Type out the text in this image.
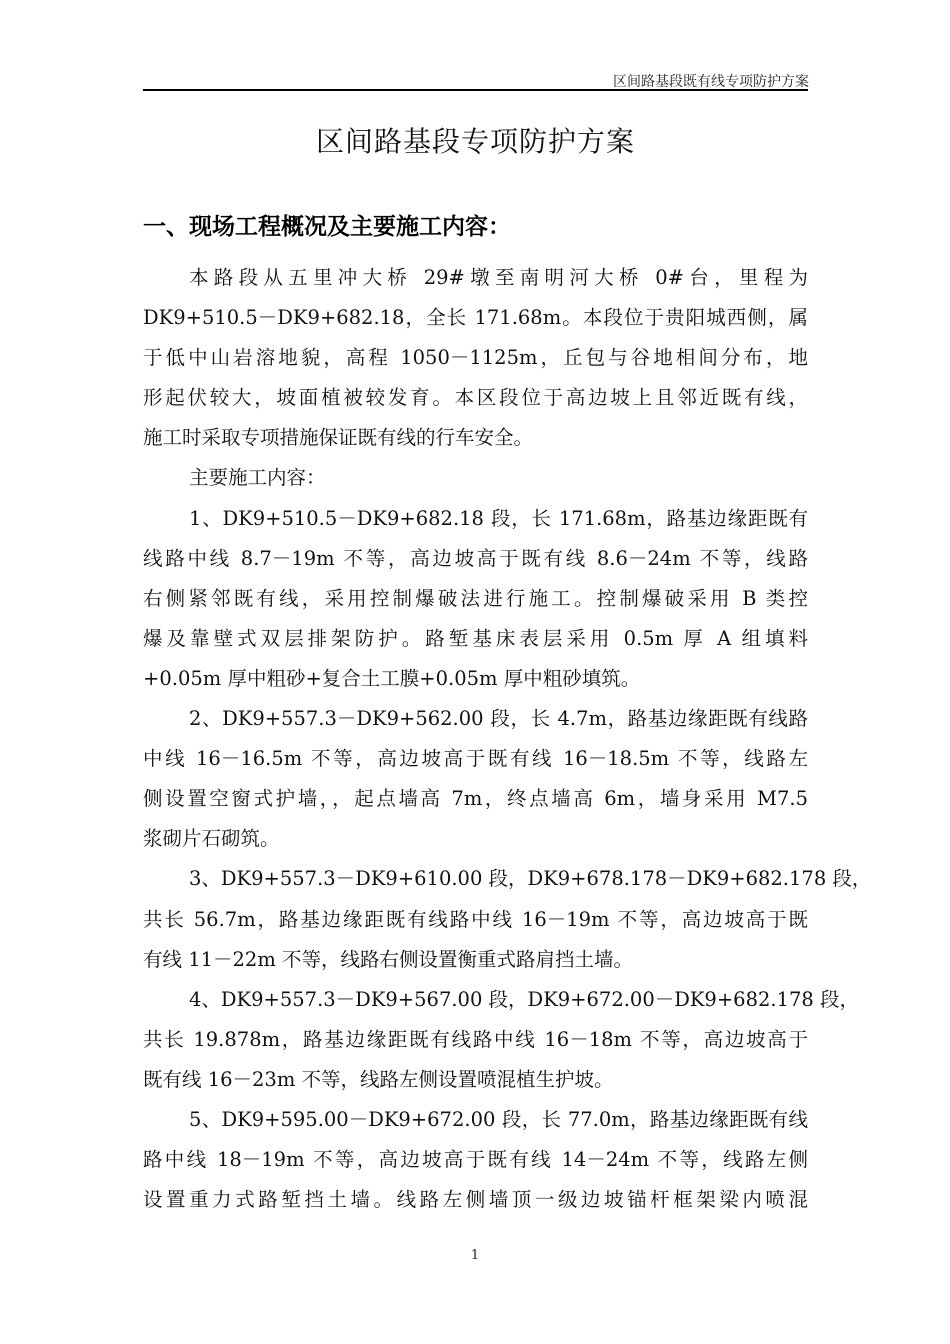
区间路基段既有线专项防护方案
区间路基段专项防护方案
一、现场工程概况及主要施工内容：
本路段从五里冲大桥 29#墩至南明河大桥 0#台，里程为
DK9+510.5－DK9+682.18，全长 171.68m。本段位于贵阳城西侧，属
于低中山岩溶地貌，高程 1050－1125m，丘包与谷地相间分布，地
形起伏较大，坡面植被较发育。本区段位于高边坡上且邻近既有线，
施工时采取专项措施保证既有线的行车安全。
主要施工内容：
1、DK9+510.5－DK9+682.18 段，长 171.68m，路基边缘距既有
线路中线 8.7－19m 不等，高边坡高于既有线 8.6－24m 不等，线路
右侧紧邻既有线，采用控制爆破法进行施工。控制爆破采用 B 类控
爆及靠壁式双层排架防护。路堑基床表层采用 0.5m 厚 A 组填料
+0.05m 厚中粗砂+复合土工膜+0.05m 厚中粗砂填筑。
2、DK9+557.3－DK9+562.00 段，长 4.7m，路基边缘距既有线路
中线 16－16.5m 不等，高边坡高于既有线 16－18.5m 不等，线路左
侧设置空窗式护墙，，起点墙高 7m，终点墙高 6m，墙身采用 M7.5
浆砌片石砌筑。
3、DK9+557.3－DK9+610.00 段，DK9+678.178－DK9+682.178 段，
共长 56.7m，路基边缘距既有线路中线 16－19m 不等，高边坡高于既
有线 11－22m 不等，线路右侧设置衡重式路肩挡土墙。
4、DK9+557.3－DK9+567.00 段，DK9+672.00－DK9+682.178 段，
共长 19.878m，路基边缘距既有线路中线 16－18m 不等，高边坡高于
既有线 16－23m 不等，线路左侧设置喷混植生护坡。
5、DK9+595.00－DK9+672.00 段，长 77.0m，路基边缘距既有线
路中线 18－19m 不等，高边坡高于既有线 14－24m 不等，线路左侧
设置重力式路堑挡土墙。线路左侧墙顶一级边坡锚杆框架梁内喷混
1
